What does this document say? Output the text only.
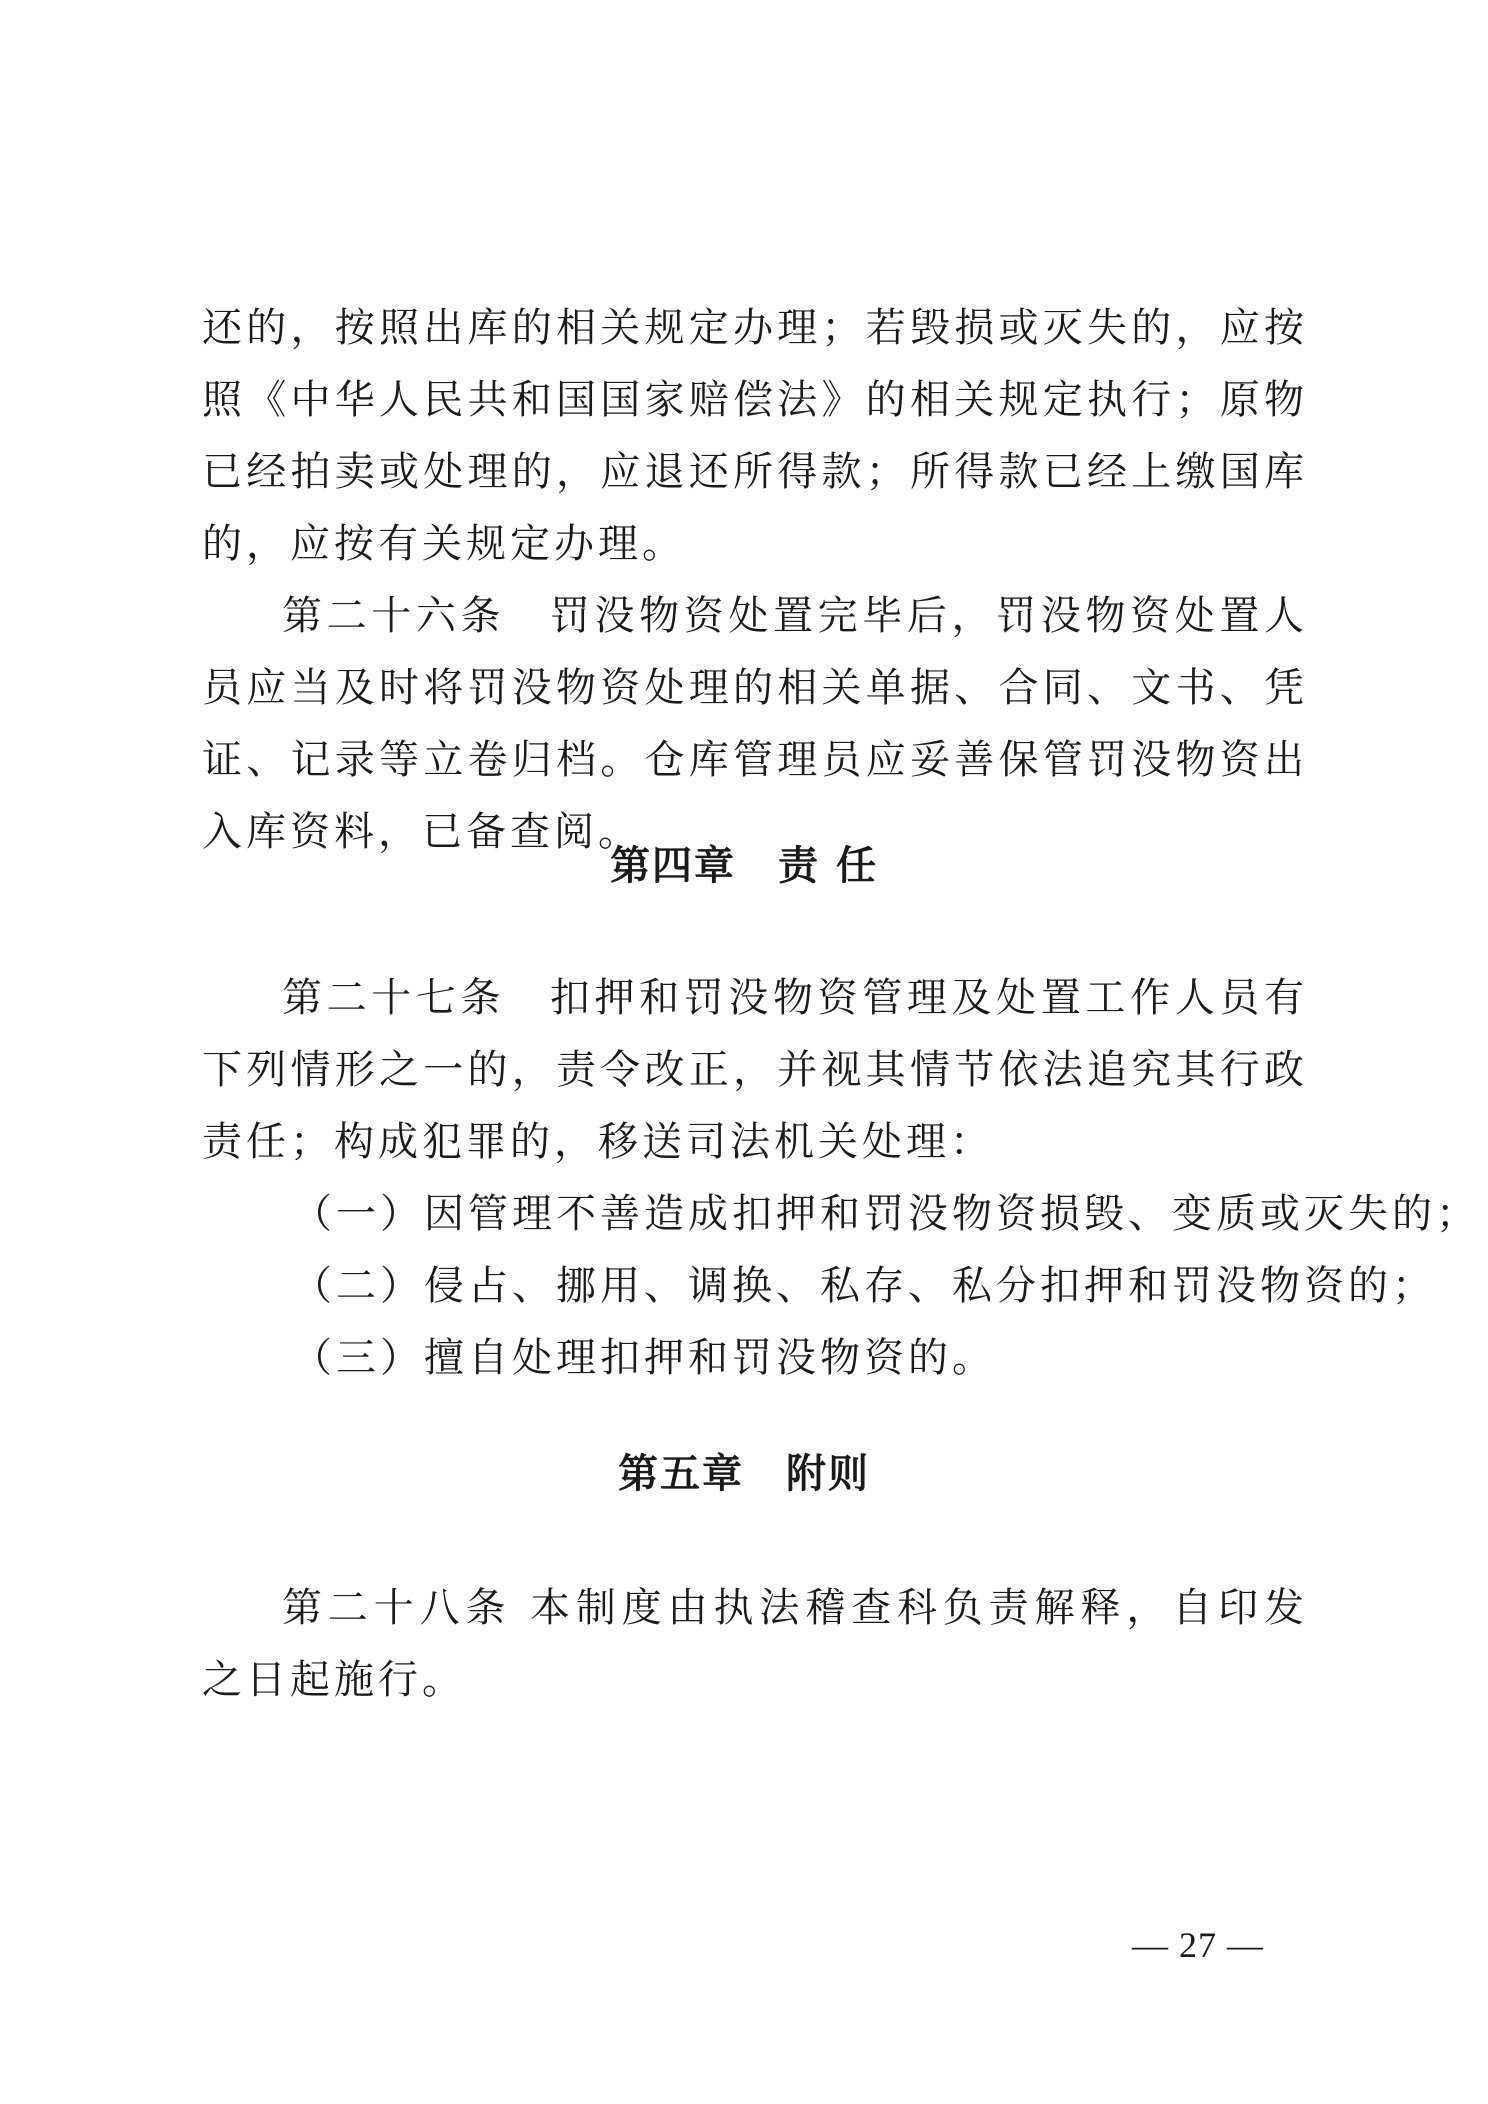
还的，按照出库的相关规定办理；若毁损或灭失的，应按照《中华人民共和国国家赔偿法》的相关规定执行；原物已经拍卖或处理的，应退还所得款；所得款已经上缴国库的，应按有关规定办理。

第二十六条　罚没物资处置完毕后，罚没物资处置人员应当及时将罚没物资处理的相关单据、合同、文书、凭证、记录等立卷归档。仓库管理员应妥善保管罚没物资出入库资料，已备查阅。

第四章　责 任

第二十七条　扣押和罚没物资管理及处置工作人员有下列情形之一的，责令改正，并视其情节依法追究其行政责任；构成犯罪的，移送司法机关处理：

（一）因管理不善造成扣押和罚没物资损毁、变质或灭失的；

（二）侵占、挪用、调换、私存、私分扣押和罚没物资的；

（三）擅自处理扣押和罚没物资的。

第五章　附则

第二十八条 本制度由执法稽查科负责解释，自印发之日起施行。

— 27 —
